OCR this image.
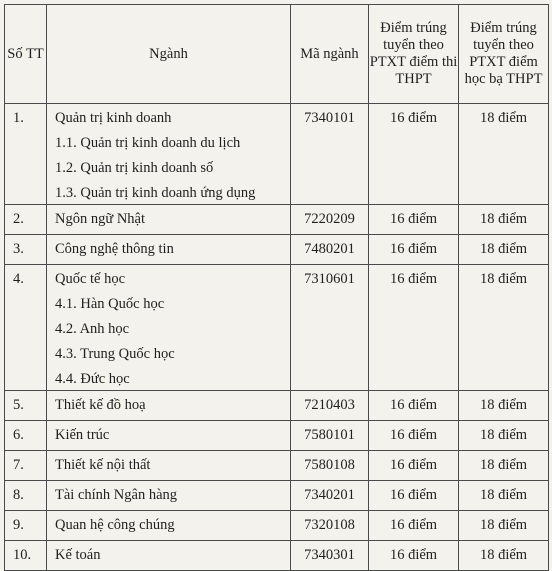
Số TT	Ngành	Mã ngành	Điểm trúng tuyển theo PTXT điểm thi THPT	Điểm trúng tuyển theo PTXT điểm học bạ THPT

1.	Quản trị kinh doanh
1.1. Quản trị kinh doanh du lịch
1.2. Quản trị kinh doanh số
1.3. Quản trị kinh doanh ứng dụng	7340101	16 điểm	18 điểm
2.	Ngôn ngữ Nhật	7220209	16 điểm	18 điểm
3.	Công nghệ thông tin	7480201	16 điểm	18 điểm
4.	Quốc tế học
4.1. Hàn Quốc học
4.2. Anh học
4.3. Trung Quốc học
4.4. Đức học	7310601	16 điểm	18 điểm
5.	Thiết kế đồ hoạ	7210403	16 điểm	18 điểm
6.	Kiến trúc	7580101	16 điểm	18 điểm
7.	Thiết kế nội thất	7580108	16 điểm	18 điểm
8.	Tài chính Ngân hàng	7340201	16 điểm	18 điểm
9.	Quan hệ công chúng	7320108	16 điểm	18 điểm
10.	Kế toán	7340301	16 điểm	18 điểm
